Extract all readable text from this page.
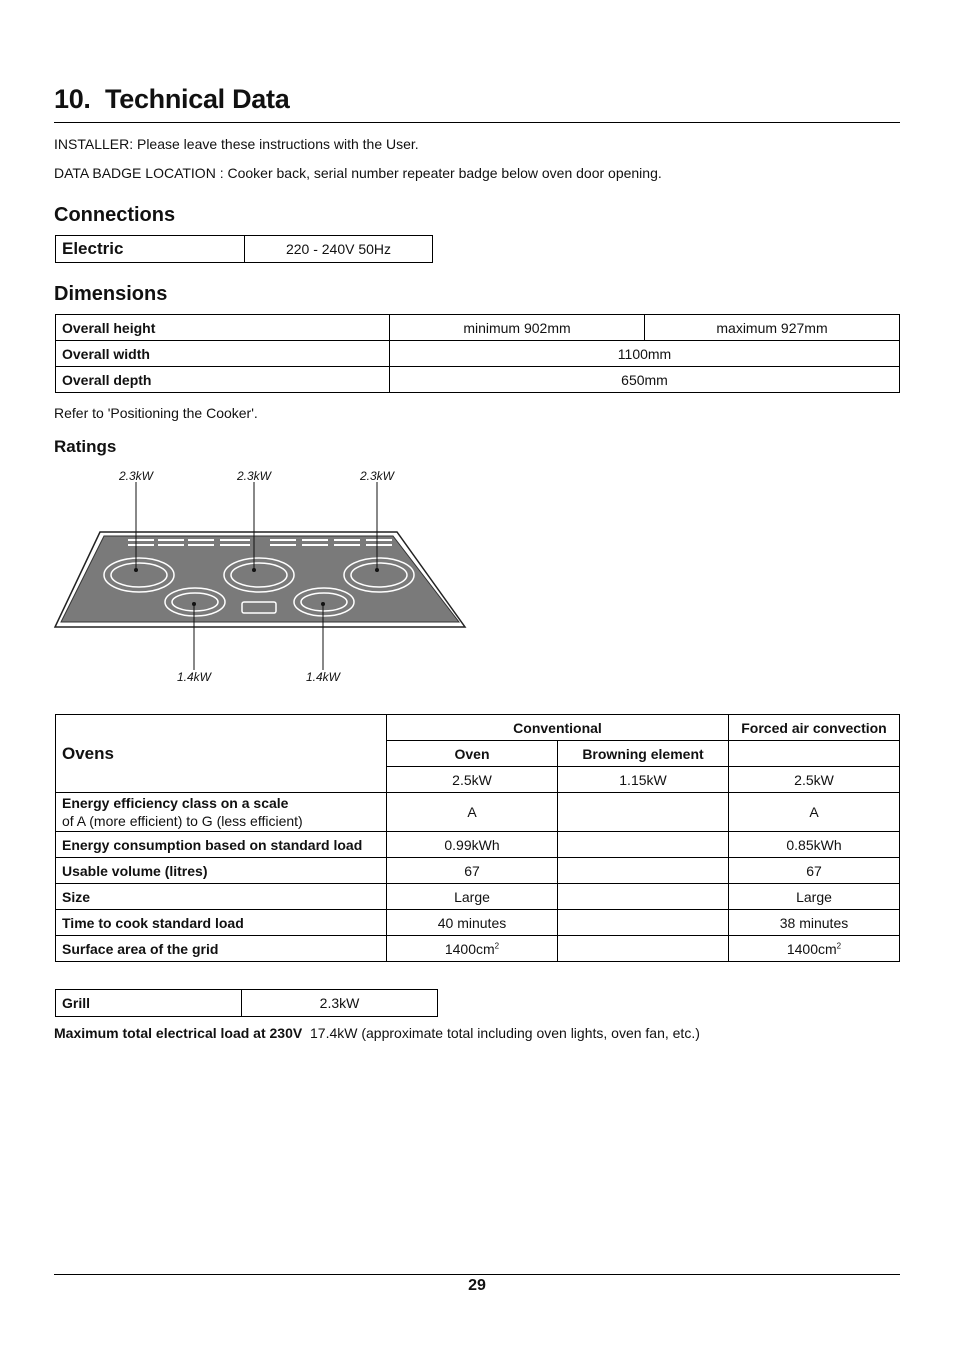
10. Technical Data
INSTALLER: Please leave these instructions with the User.
DATA BADGE LOCATION : Cooker back, serial number repeater badge below oven door opening.
Connections
Electric	220 - 240V 50Hz
Dimensions
Overall height	minimum 902mm	maximum 927mm
Overall width	1100mm	
Overall depth	650mm	
Refer to 'Positioning the Cooker'.
Ratings
2.3kW	2.3kW	2.3kW
1.4kW	1.4kW
Ovens	Conventional		Forced air convection
	Oven	Browning element	
	2.5kW	1.15kW	2.5kW

Energy efficiency class on a scale
of A (more efficient) to G (less efficient)	A		A
Energy consumption based on standard load	0.99kWh		0.85kWh
Usable volume (litres)	67		67
Size	Large		Large
Time to cook standard load	40 minutes		38 minutes
Surface area of the grid	$1400cm^2$		$1400cm^2$
Grill	2.3kW
Maximum total electrical load at 230V 17.4kW (approximate total including oven lights, oven fan, etc.)
29
